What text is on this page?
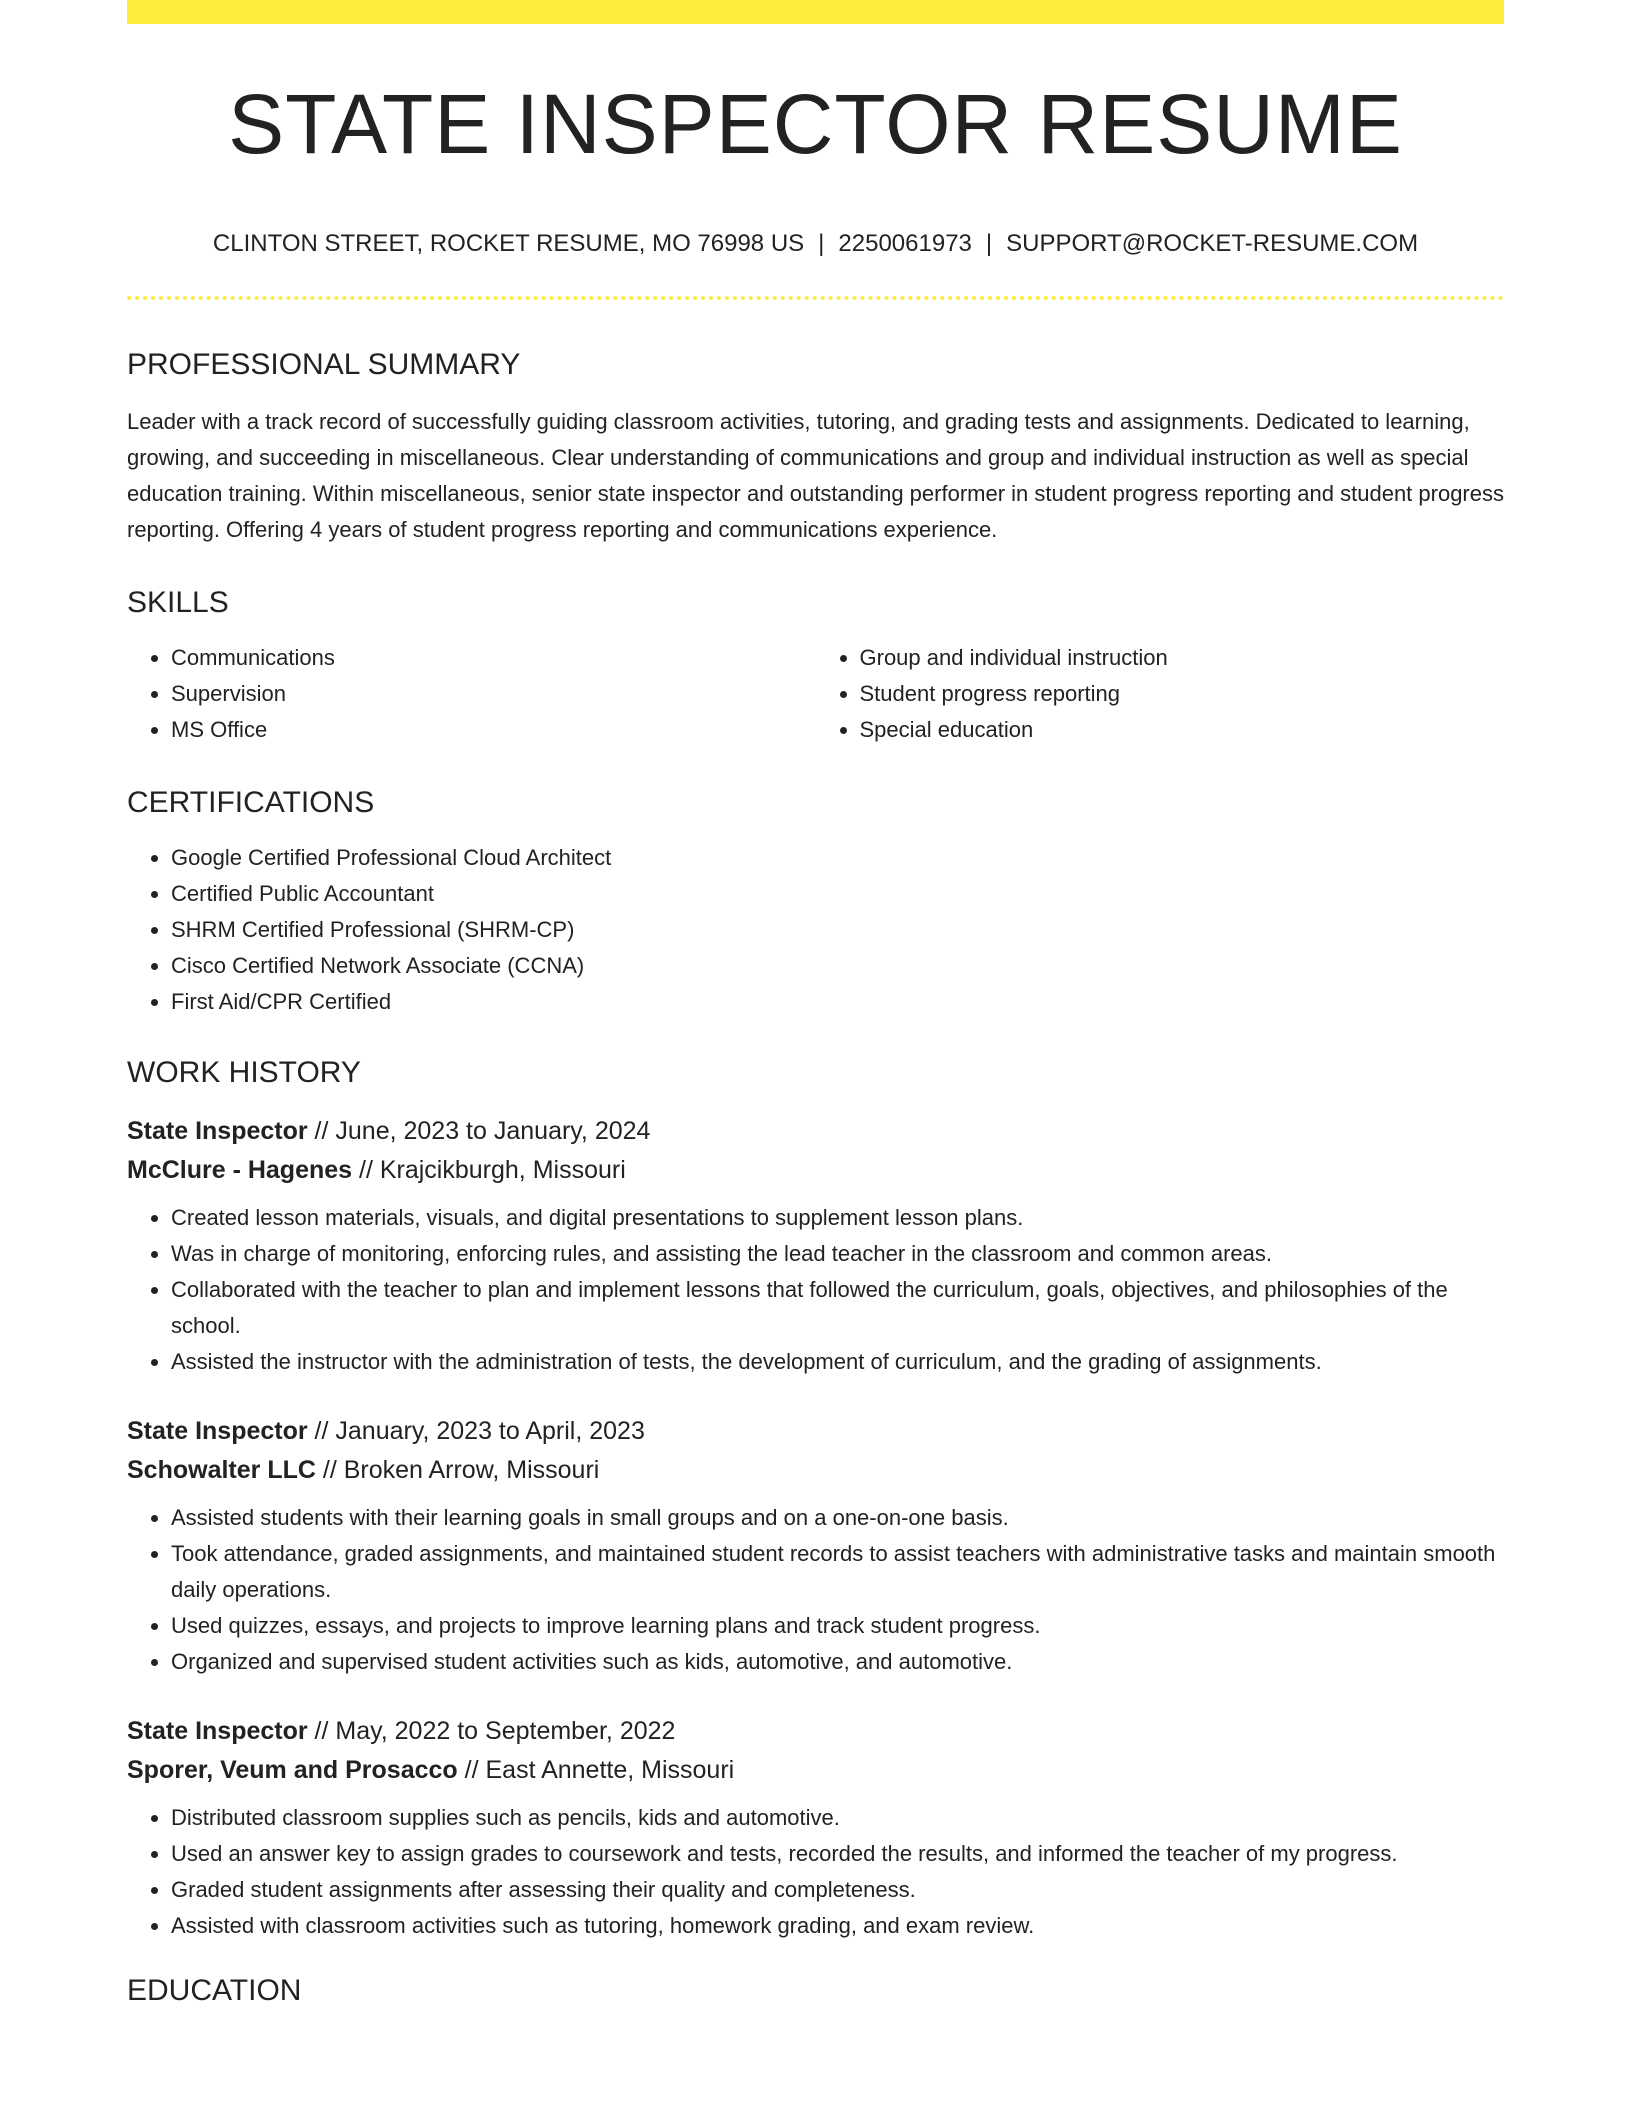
STATE INSPECTOR RESUME
CLINTON STREET, ROCKET RESUME, MO 76998 US | 2250061973 | SUPPORT@ROCKET-RESUME.COM
PROFESSIONAL SUMMARY

Leader with a track record of successfully guiding classroom activities, tutoring, and grading tests and assignments. Dedicated to learning, growing, and succeeding in miscellaneous. Clear understanding of communications and group and individual instruction as well as special education training. Within miscellaneous, senior state inspector and outstanding performer in student progress reporting and student progress reporting. Offering 4 years of student progress reporting and communications experience.

SKILLS
• Communications
• Supervision
• MS Office
• Group and individual instruction
• Student progress reporting
• Special education
CERTIFICATIONS
• Google Certified Professional Cloud Architect
• Certified Public Accountant
• SHRM Certified Professional (SHRM-CP)
• Cisco Certified Network Associate (CCNA)
• First Aid/CPR Certified
WORK HISTORY
State Inspector // June, 2023 to January, 2024
McClure - Hagenes // Krajcikburgh, Missouri
• Created lesson materials, visuals, and digital presentations to supplement lesson plans.
• Was in charge of monitoring, enforcing rules, and assisting the lead teacher in the classroom and common areas.
• Collaborated with the teacher to plan and implement lessons that followed the curriculum, goals, objectives, and philosophies of the school.
• Assisted the instructor with the administration of tests, the development of curriculum, and the grading of assignments.
State Inspector // January, 2023 to April, 2023
Schowalter LLC // Broken Arrow, Missouri
• Assisted students with their learning goals in small groups and on a one-on-one basis.
• Took attendance, graded assignments, and maintained student records to assist teachers with administrative tasks and maintain smooth daily operations.
• Used quizzes, essays, and projects to improve learning plans and track student progress.
• Organized and supervised student activities such as kids, automotive, and automotive.
State Inspector // May, 2022 to September, 2022
Sporer, Veum and Prosacco // East Annette, Missouri
• Distributed classroom supplies such as pencils, kids and automotive.
• Used an answer key to assign grades to coursework and tests, recorded the results, and informed the teacher of my progress.
• Graded student assignments after assessing their quality and completeness.
• Assisted with classroom activities such as tutoring, homework grading, and exam review.
EDUCATION
